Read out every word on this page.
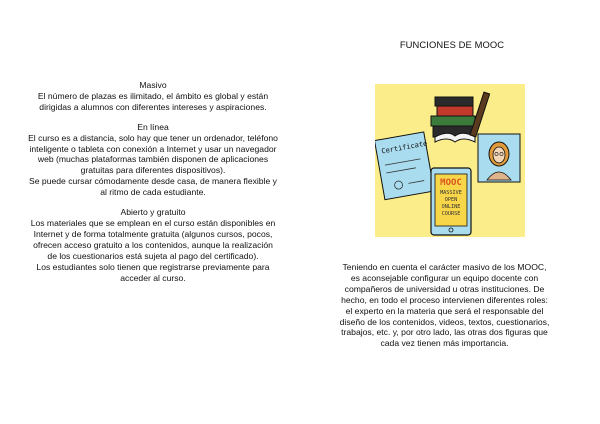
Masivo
El número de plazas es ilimitado, el ámbito es global y están dirigidas a alumnos con diferentes intereses y aspiraciones.

En línea
El curso es a distancia, solo hay que tener un ordenador, teléfono inteligente o tableta con conexión a Internet y usar un navegador web (muchas plataformas también disponen de aplicaciones gratuitas para diferentes dispositivos).

Se puede cursar cómodamente desde casa, de manera flexible y al ritmo de cada estudiante.

Abierto y gratuito
Los materiales que se emplean en el curso están disponibles en Internet y de forma totalmente gratuita (algunos cursos, pocos, ofrecen acceso gratuito a los contenidos, aunque la realización de los cuestionarios está sujeta al pago del certificado).

Los estudiantes solo tienen que registrarse previamente para acceder al curso.

FUNCIONES DE MOOC
Certificate
MOOC
MASSIVE
OPEN
ONLINE
COURSE

Teniendo en cuenta el carácter masivo de los MOOC, es aconsejable configurar un equipo docente con compañeros de universidad u otras instituciones. De hecho, en todo el proceso intervienen diferentes roles: el experto en la materia que será el responsable del diseño de los contenidos, videos, textos, cuestionarios, trabajos, etc. y, por otro lado, las otras dos figuras que cada vez tienen más importancia.
